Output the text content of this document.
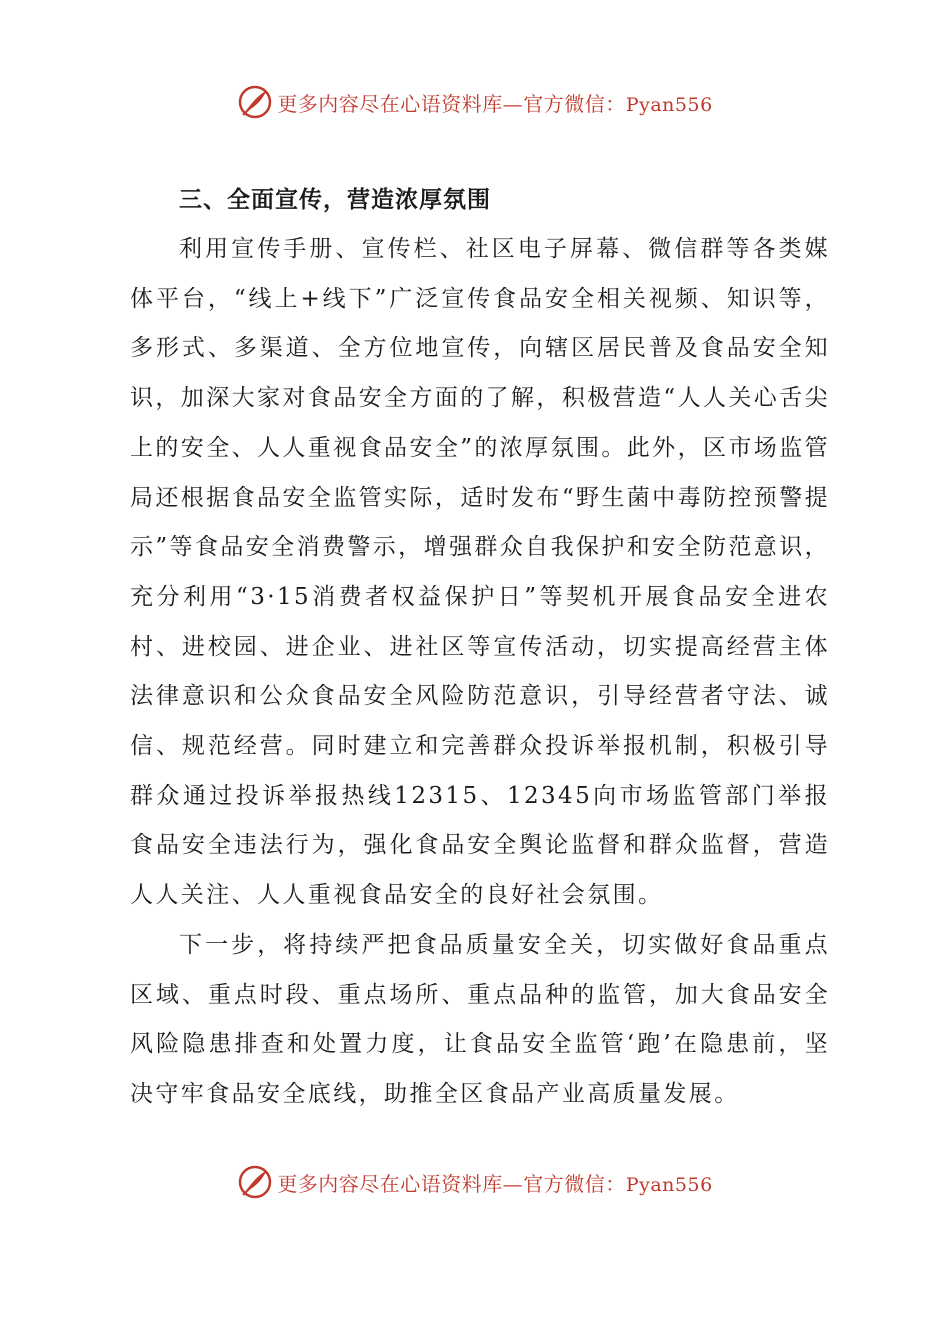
更多内容尽在心语资料库—官方微信：Pyan556

三、全面宣传，营造浓厚氛围

利用宣传手册、宣传栏、社区电子屏幕、微信群等各类媒体平台，“线上+线下”广泛宣传食品安全相关视频、知识等，多形式、多渠道、全方位地宣传，向辖区居民普及食品安全知识，加深大家对食品安全方面的了解，积极营造“人人关心舌尖上的安全、人人重视食品安全”的浓厚氛围。此外，区市场监管局还根据食品安全监管实际，适时发布“野生菌中毒防控预警提示”等食品安全消费警示，增强群众自我保护和安全防范意识，充分利用“3·15消费者权益保护日”等契机开展食品安全进农村、进校园、进企业、进社区等宣传活动，切实提高经营主体法律意识和公众食品安全风险防范意识，引导经营者守法、诚信、规范经营。同时建立和完善群众投诉举报机制，积极引导群众通过投诉举报热线12315、12345向市场监管部门举报食品安全违法行为，强化食品安全舆论监督和群众监督，营造人人关注、人人重视食品安全的良好社会氛围。

下一步，将持续严把食品质量安全关，切实做好食品重点区域、重点时段、重点场所、重点品种的监管，加大食品安全风险隐患排查和处置力度，让食品安全监管‘跑’在隐患前，坚决守牢食品安全底线，助推全区食品产业高质量发展。

更多内容尽在心语资料库—官方微信：Pyan556
